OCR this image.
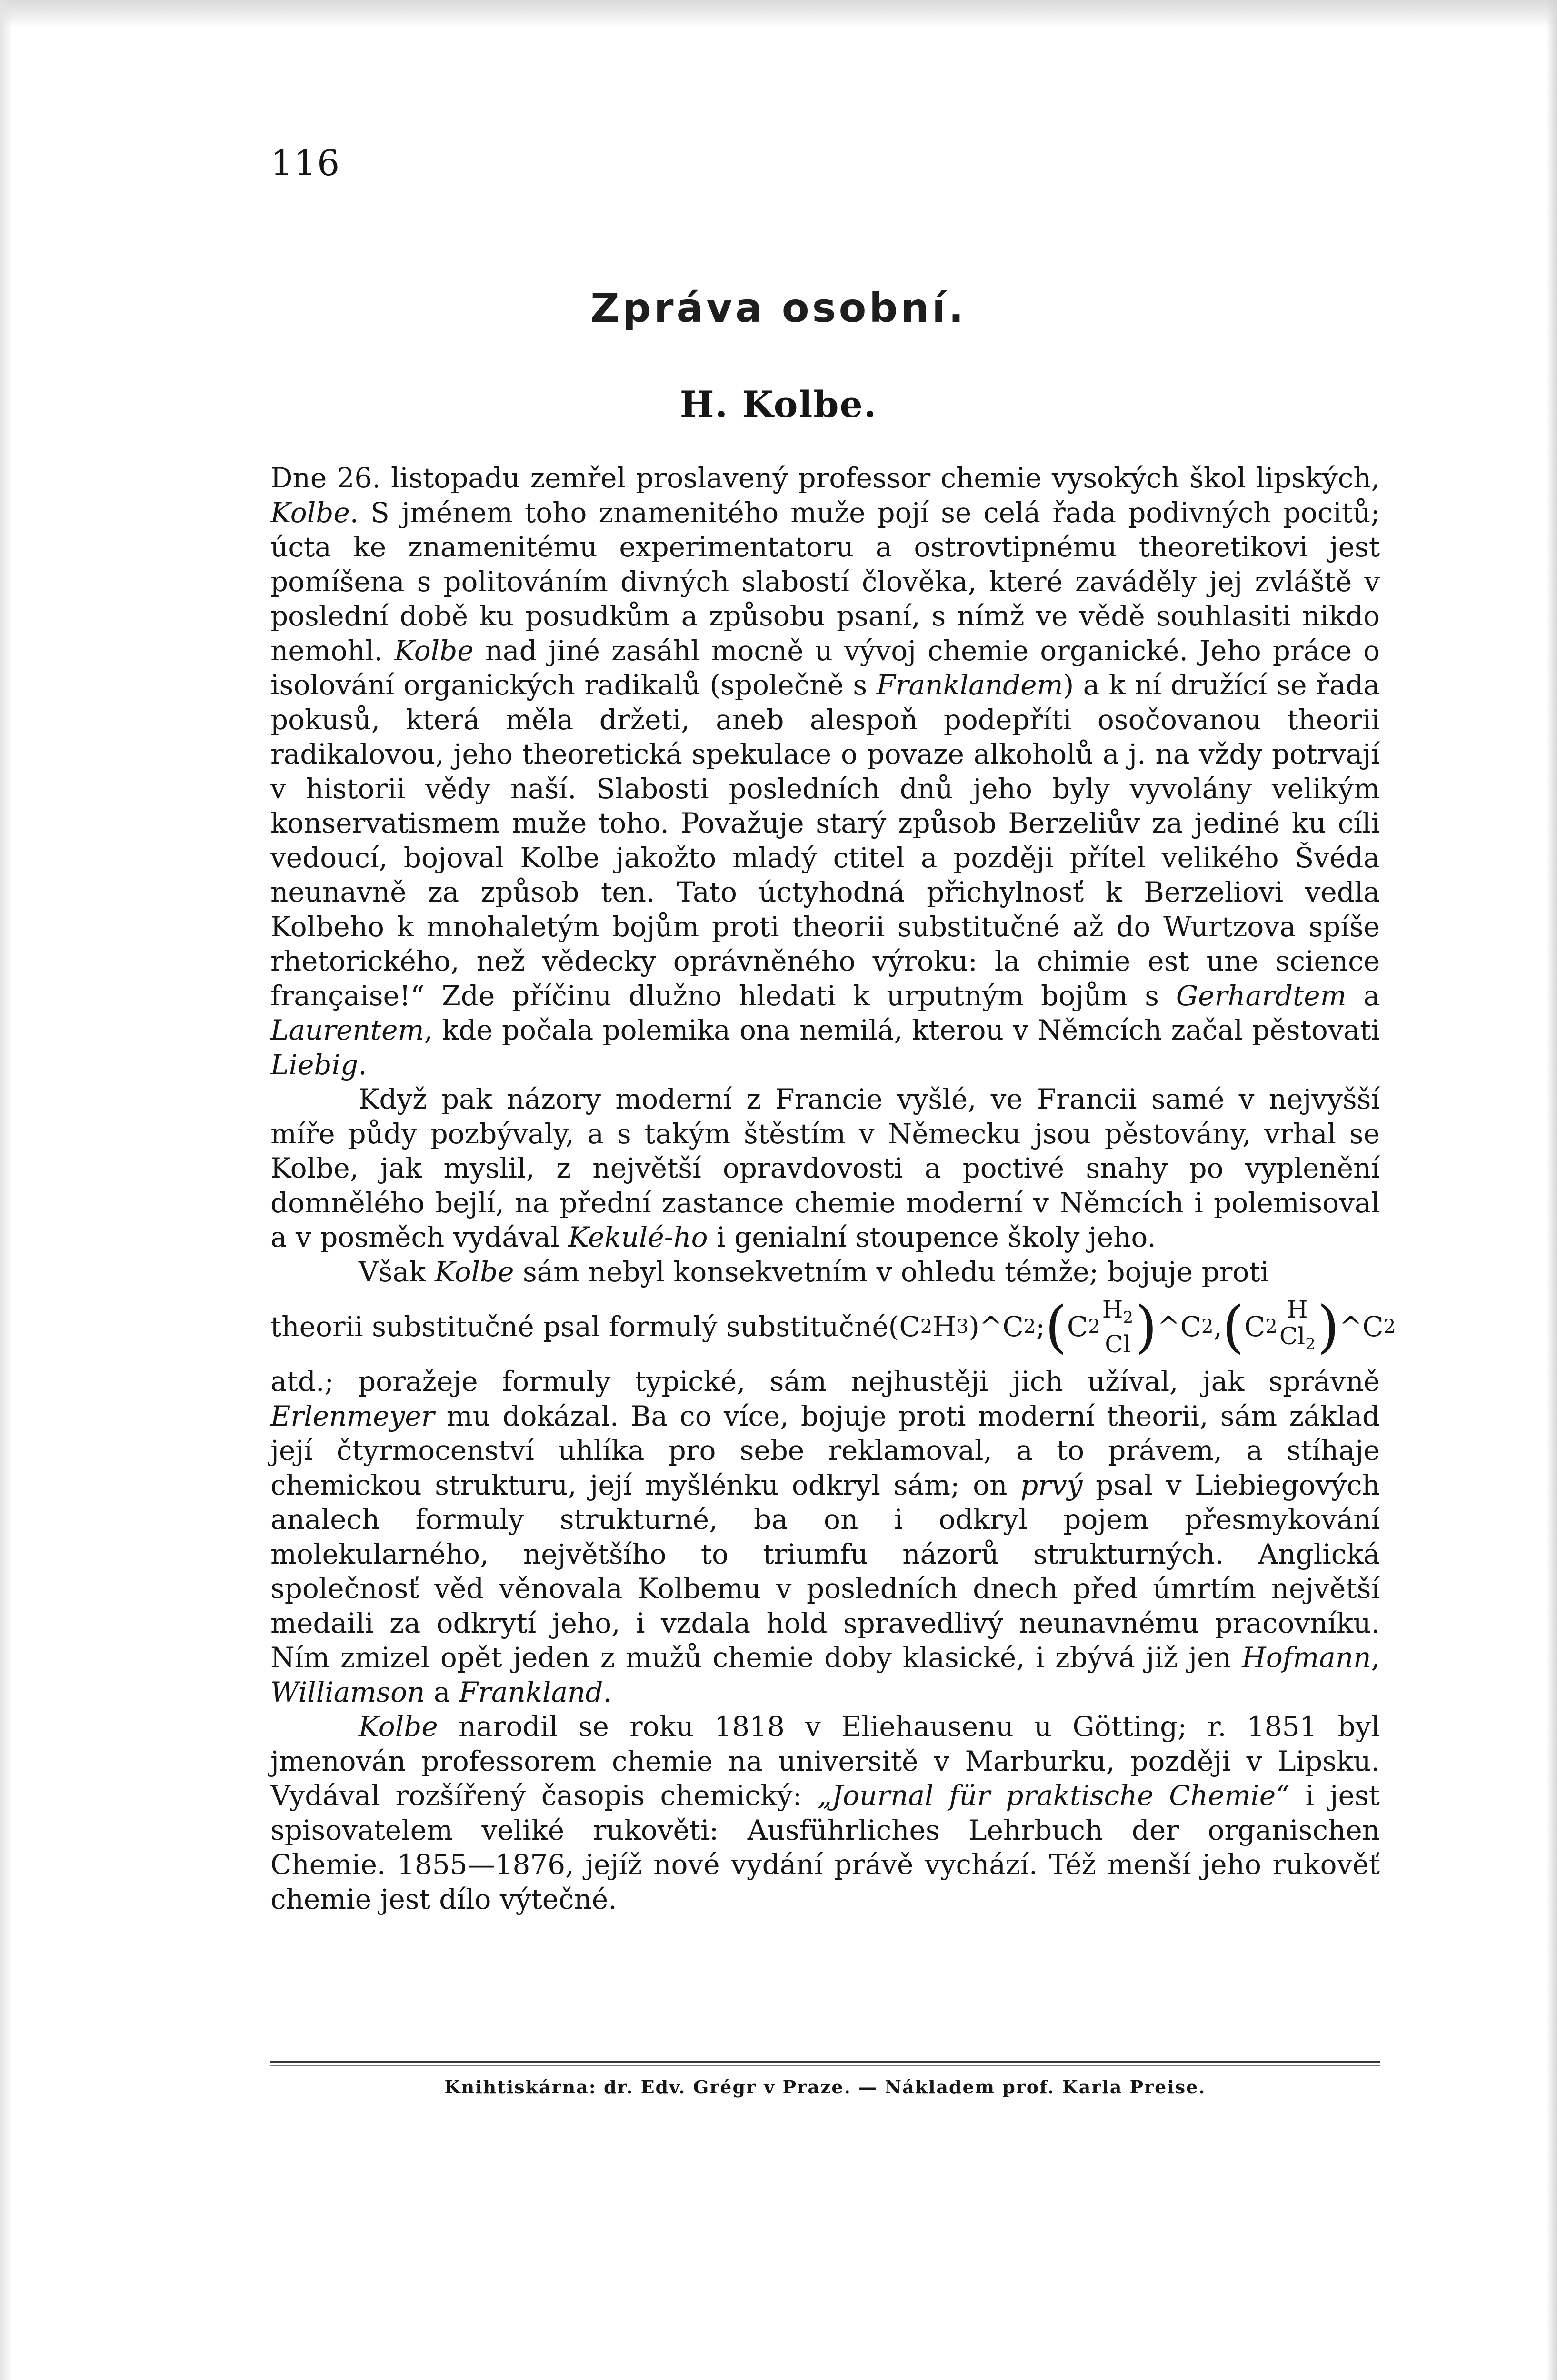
116
Zpráva osobní.
H. Kolbe.

Dne 26. listopadu zemřel proslavený professor chemie vysokých škol lipských, Kolbe. S jménem toho znamenitého muže pojí se celá řada podivných pocitů; úcta ke znamenitému experimentatoru a ostrovtipnému theoretikovi jest pomíšena s politováním divných slabostí člověka, které zaváděly jej zvláště v poslední době ku posudkům a způsobu psaní, s nímž ve vědě souhlasiti nikdo nemohl. Kolbe nad jiné zasáhl mocně u vývoj chemie organické. Jeho práce o isolování organických radikalů (společně s Franklandem) a k ní družící se řada pokusů, která měla držeti, aneb alespoň podepříti osočovanou theorii radikalovou, jeho theoretická spekulace o povaze alkoholů a j. na vždy potrvají v historii vědy naší. Slabosti posledních dnů jeho byly vyvolány velikým konservatismem muže toho. Považuje starý způsob Berzeliův za jediné ku cíli vedoucí, bojoval Kolbe jakožto mladý ctitel a později přítel velikého Švéda neunavně za způsob ten. Tato úctyhodná přichylnosť k Berzeliovi vedla Kolbeho k mnohaletým bojům proti theorii substitučné až do Wurtzova spíše rhetorického, než vědecky oprávněného výroku: la chimie est une science française!“ Zde příčinu dlužno hledati k urputným bojům s Gerhardtem a Laurentem, kde počala polemika ona nemilá, kterou v Němcích začal pěstovati Liebig.

Když pak názory moderní z Francie vyšlé, ve Francii samé v nejvyšší míře půdy pozbývaly, a s takým štěstím v Německu jsou pěstovány, vrhal se Kolbe, jak myslil, z největší opravdovosti a poctivé snahy po vyplenění domnělého bejlí, na přední zastance chemie moderní v Němcích i polemisoval a v posměch vydával Kekulé-ho i genialní stoupence školy jeho.

Však Kolbe sám nebyl konsekvetním v ohledu témže; bojuje proti

theorii substitučné psal formulý substitučné ( C 2 H 3 ) ^ C 2 ; ( C 2
$H_2$
Cl ) ^ C 2 , ( C 2
H
$Cl_2$ ) ^ C 2

atd.; poražeje formuly typické, sám nejhustěji jich užíval, jak správně Erlenmeyer mu dokázal. Ba co více, bojuje proti moderní theorii, sám základ její čtyrmocenství uhlíka pro sebe reklamoval, a to právem, a stíhaje chemickou strukturu, její myšlénku odkryl sám; on prvý psal v Liebiegových analech formuly strukturné, ba on i odkryl pojem přesmykování molekularného, největšího to triumfu názorů strukturných. Anglická společnosť věd věnovala Kolbemu v posledních dnech před úmrtím největší medaili za odkrytí jeho, i vzdala hold spravedlivý neunavnému pracovníku. Ním zmizel opět jeden z mužů chemie doby klasické, i zbývá již jen Hofmann, Williamson a Frankland.

Kolbe narodil se roku 1818 v Eliehausenu u Götting; r. 1851 byl jmenován professorem chemie na universitě v Marburku, později v Lipsku. Vydával rozšířený časopis chemický: „Journal für praktische Chemie“ i jest spisovatelem veliké rukověti: Ausführliches Lehrbuch der organischen Chemie. 1855—1876, jejíž nové vydání právě vychází. Též menší jeho rukověť chemie jest dílo výtečné.

Knihtiskárna: dr. Edv. Grégr v Praze. — Nákladem prof. Karla Preise.
